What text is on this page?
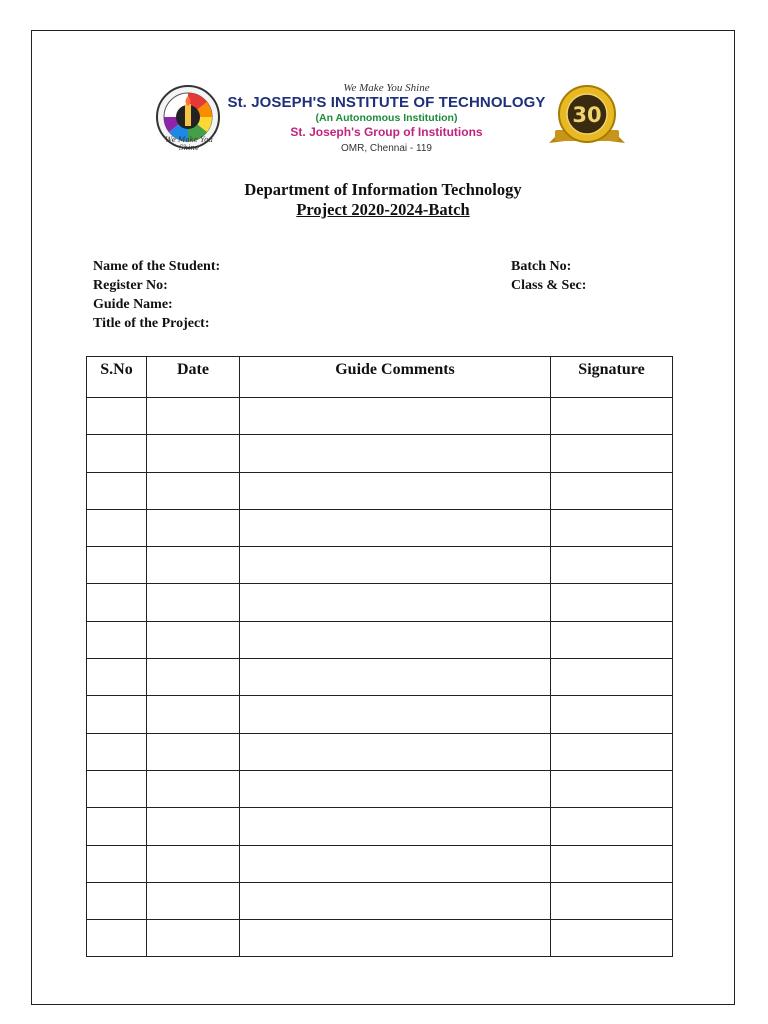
We Make You Shine
We Make You Shine
St. JOSEPH'S INSTITUTE OF TECHNOLOGY
(An Autonomous Institution)
St. Joseph's Group of Institutions
OMR, Chennai - 119
30
Department of Information Technology
Project 2020-2024-Batch
Name of the Student:
Register No:
Guide Name:
Title of the Project:
Batch No:
Class & Sec:
S.No	Date	Guide Comments	Signature
